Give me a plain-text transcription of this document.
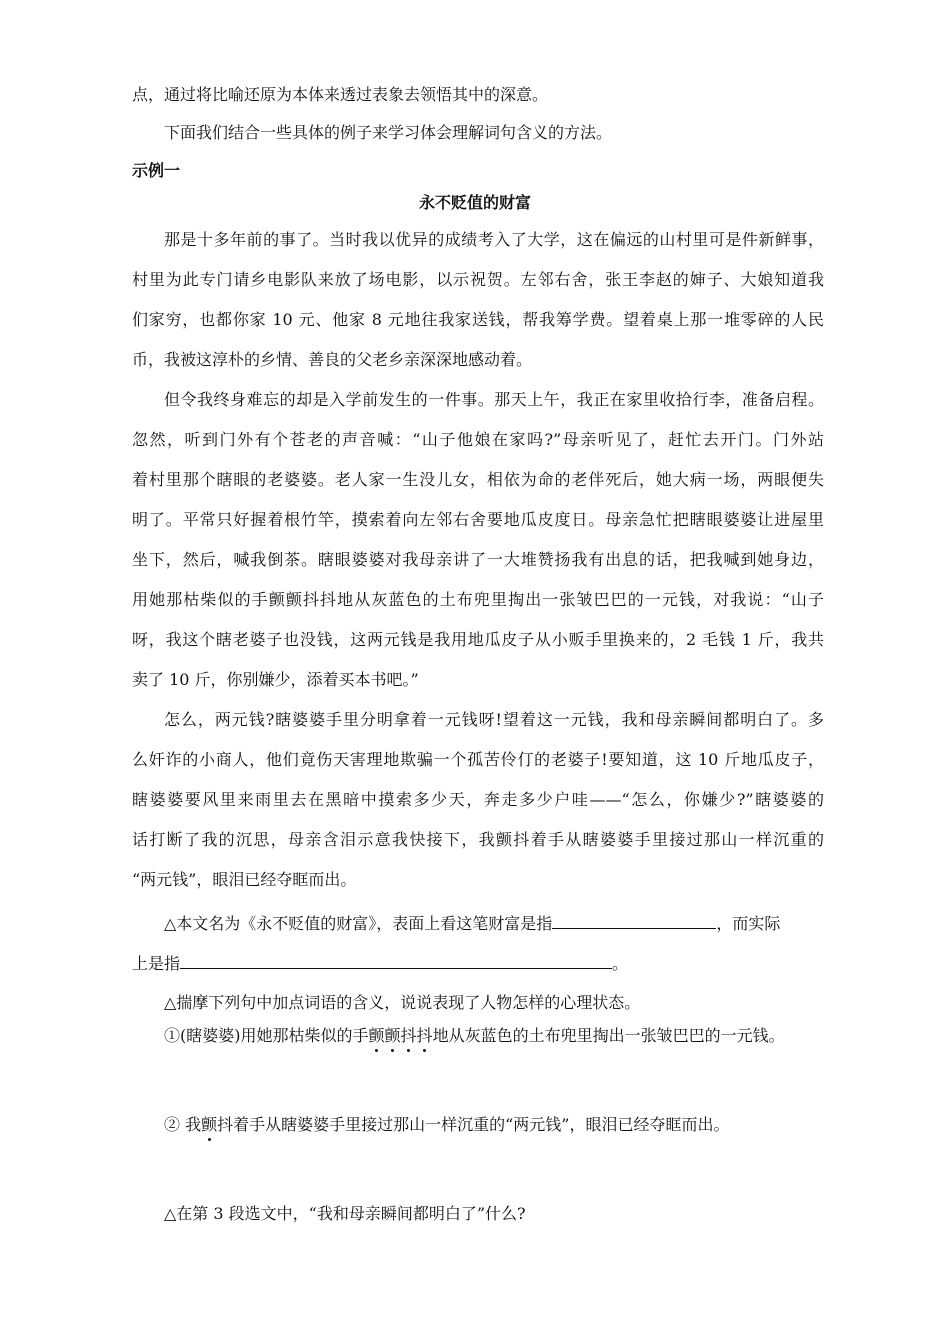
点，通过将比喻还原为本体来透过表象去领悟其中的深意。
下面我们结合一些具体的例子来学习体会理解词句含义的方法。
示例一
永不贬值的财富
那是十多年前的事了。当时我以优异的成绩考入了大学，这在偏远的山村里可是件新鲜事，
村里为此专门请乡电影队来放了场电影，以示祝贺。左邻右舍，张王李赵的婶子、大娘知道我
们家穷，也都你家 10 元、他家 8 元地往我家送钱，帮我筹学费。望着桌上那一堆零碎的人民
币，我被这淳朴的乡情、善良的父老乡亲深深地感动着。
但令我终身难忘的却是入学前发生的一件事。那天上午，我正在家里收拾行李，准备启程。
忽然，听到门外有个苍老的声音喊：“山子他娘在家吗?”母亲听见了，赶忙去开门。门外站
着村里那个瞎眼的老婆婆。老人家一生没儿女，相依为命的老伴死后，她大病一场，两眼便失
明了。平常只好握着根竹竿，摸索着向左邻右舍要地瓜皮度日。母亲急忙把瞎眼婆婆让进屋里
坐下，然后，喊我倒茶。瞎眼婆婆对我母亲讲了一大堆赞扬我有出息的话，把我喊到她身边，
用她那枯柴似的手颤颤抖抖地从灰蓝色的土布兜里掏出一张皱巴巴的一元钱，对我说：“山子
呀，我这个瞎老婆子也没钱，这两元钱是我用地瓜皮子从小贩手里换来的，2 毛钱 1 斤，我共
卖了 10 斤，你别嫌少，添着买本书吧。”
怎么，两元钱?瞎婆婆手里分明拿着一元钱呀!望着这一元钱，我和母亲瞬间都明白了。多
么奸诈的小商人，他们竟伤天害理地欺骗一个孤苦伶仃的老婆子!要知道，这 10 斤地瓜皮子，
瞎婆婆要风里来雨里去在黑暗中摸索多少天，奔走多少户哇——“怎么，你嫌少?”瞎婆婆的
话打断了我的沉思，母亲含泪示意我快接下，我颤抖着手从瞎婆婆手里接过那山一样沉重的
“两元钱”，眼泪已经夺眶而出。
△本文名为《永不贬值的财富》，表面上看这笔财富是指	，而实际
上是指	。
△揣摩下列句中加点词语的含义，说说表现了人物怎样的心理状态。
①(瞎婆婆)用她那枯柴似的手颤颤抖抖地从灰蓝色的土布兜里掏出一张皱巴巴的一元钱。
② 我颤抖着手从瞎婆婆手里接过那山一样沉重的“两元钱”，眼泪已经夺眶而出。
△在第 3 段选文中，“我和母亲瞬间都明白了”什么?
